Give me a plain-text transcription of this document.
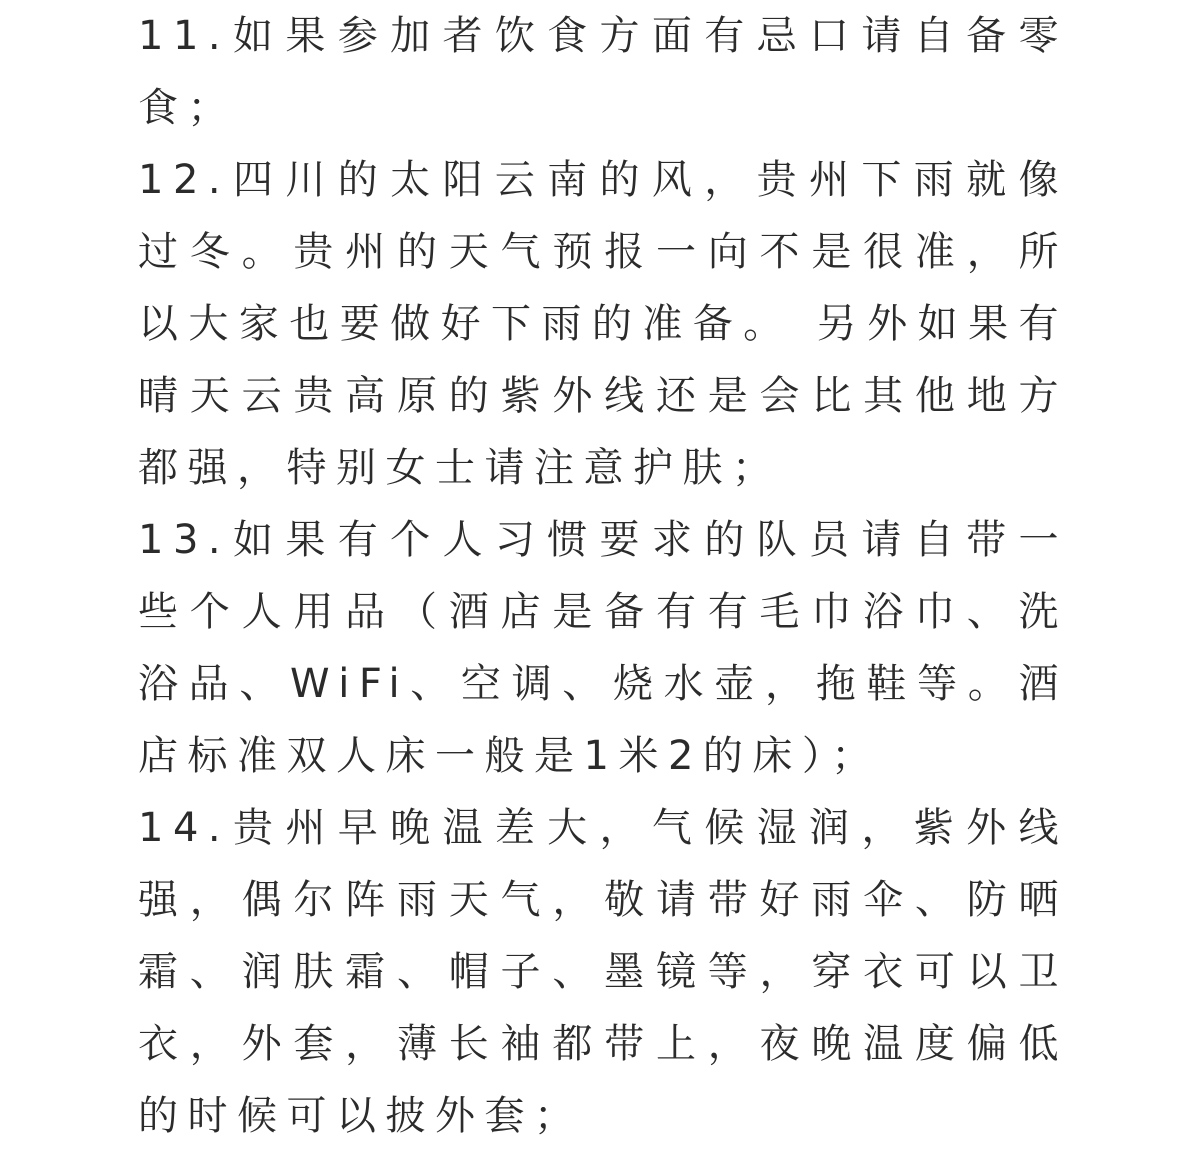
11.如果参加者饮食方面有忌口请自备零食；

12.四川的太阳云南的风，贵州下雨就像过冬。贵州的天气预报一向不是很准，所以大家也要做好下雨的准备。 另外如果有晴天云贵高原的紫外线还是会比其他地方都强，特别女士请注意护肤；

13.如果有个人习惯要求的队员请自带一些个人用品（酒店是备有有毛巾浴巾、洗浴品、WiFi、空调、烧水壶，拖鞋等。酒店标准双人床一般是1米2的床）；

14.贵州早晚温差大，气候湿润，紫外线强，偶尔阵雨天气，敬请带好雨伞、防晒霜、润肤霜、帽子、墨镜等，穿衣可以卫衣，外套，薄长袖都带上，夜晚温度偏低的时候可以披外套；
